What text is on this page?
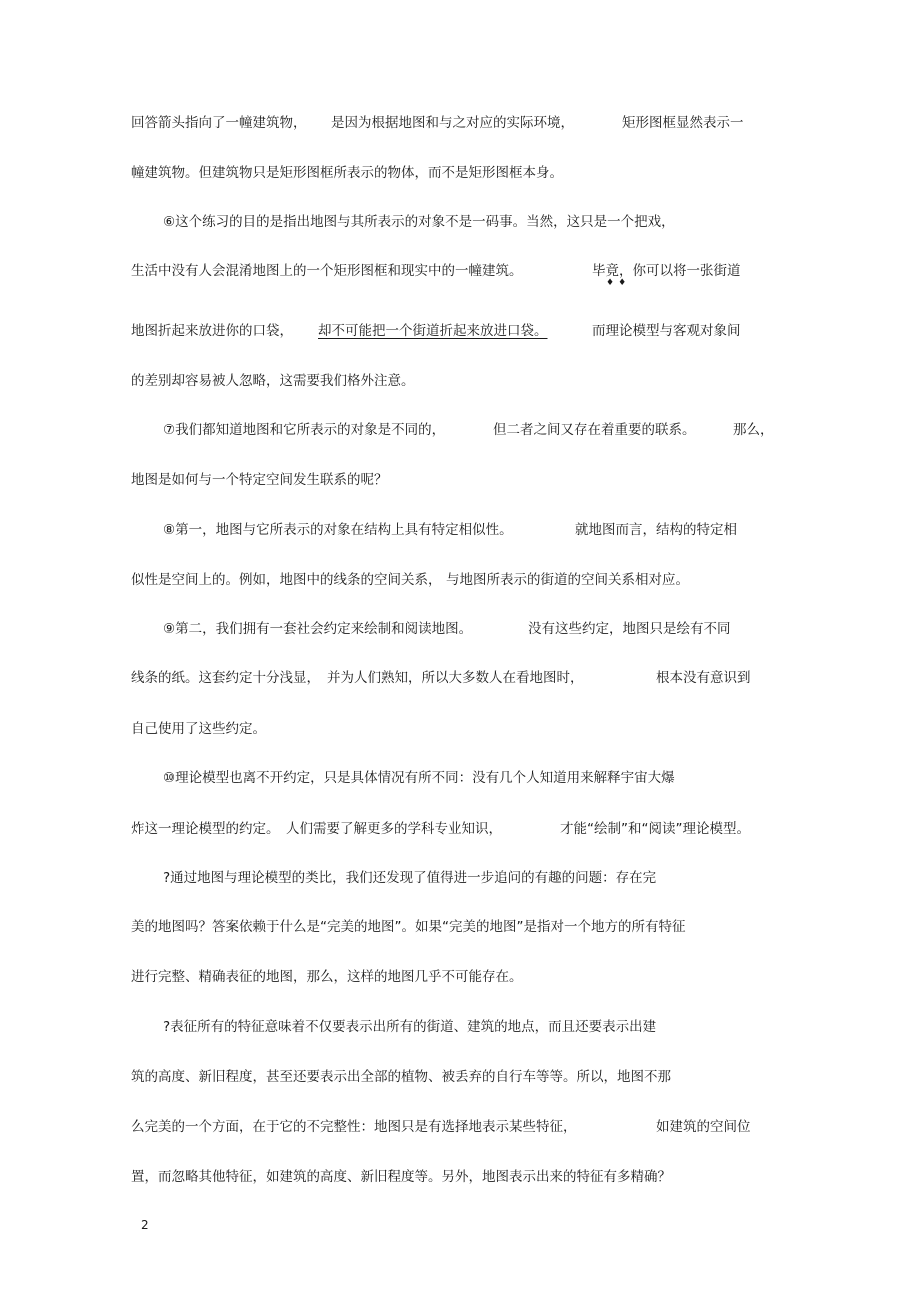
回答箭头指向了一幢建筑物， 是因为根据地图和与之对应的实际环境，	矩形图框显然表示一
幢建筑物。但建筑物只是矩形图框所表示的物体，而不是矩形图框本身。
⑥这个练习的目的是指出地图与其所表示的对象不是一码事。当然，这只是一个把戏，
生活中没有人会混淆地图上的一个矩形图框和现实中的一幢建筑。	毕竟，你可以将一张街道
♦♦
地图折起来放进你的口袋， 却不可能把一个街道折起来放进口袋。	而理论模型与客观对象间
的差别却容易被人忽略，这需要我们格外注意。
⑦我们都知道地图和它所表示的对象是不同的，	但二者之间又存在着重要的联系。	那么，
地图是如何与一个特定空间发生联系的呢？
⑧第一，地图与它所表示的对象在结构上具有特定相似性。	就地图而言，结构的特定相
似性是空间上的。例如，地图中的线条的空间关系， 与地图所表示的街道的空间关系相对应。
⑨第二，我们拥有一套社会约定来绘制和阅读地图。	没有这些约定，地图只是绘有不同
线条的纸。这套约定十分浅显， 并为人们熟知，所以大多数人在看地图时，	根本没有意识到
自己使用了这些约定。
⑩理论模型也离不开约定，只是具体情况有所不同：没有几个人知道用来解释宇宙大爆
炸这一理论模型的约定。 人们需要了解更多的学科专业知识，	才能“绘制”和“阅读”理论模型。
?通过地图与理论模型的类比，我们还发现了值得进一步追问的有趣的问题：存在完
美的地图吗？答案依赖于什么是“完美的地图”。如果“完美的地图”是指对一个地方的所有特征
进行完整、精确表征的地图，那么，这样的地图几乎不可能存在。
?表征所有的特征意味着不仅要表示出所有的街道、建筑的地点，而且还要表示出建
筑的高度、新旧程度，甚至还要表示出全部的植物、被丢弃的自行车等等。所以，地图不那
么完美的一个方面，在于它的不完整性：地图只是有选择地表示某些特征，	如建筑的空间位
置，而忽略其他特征，如建筑的高度、新旧程度等。另外，地图表示出来的特征有多精确？
2
